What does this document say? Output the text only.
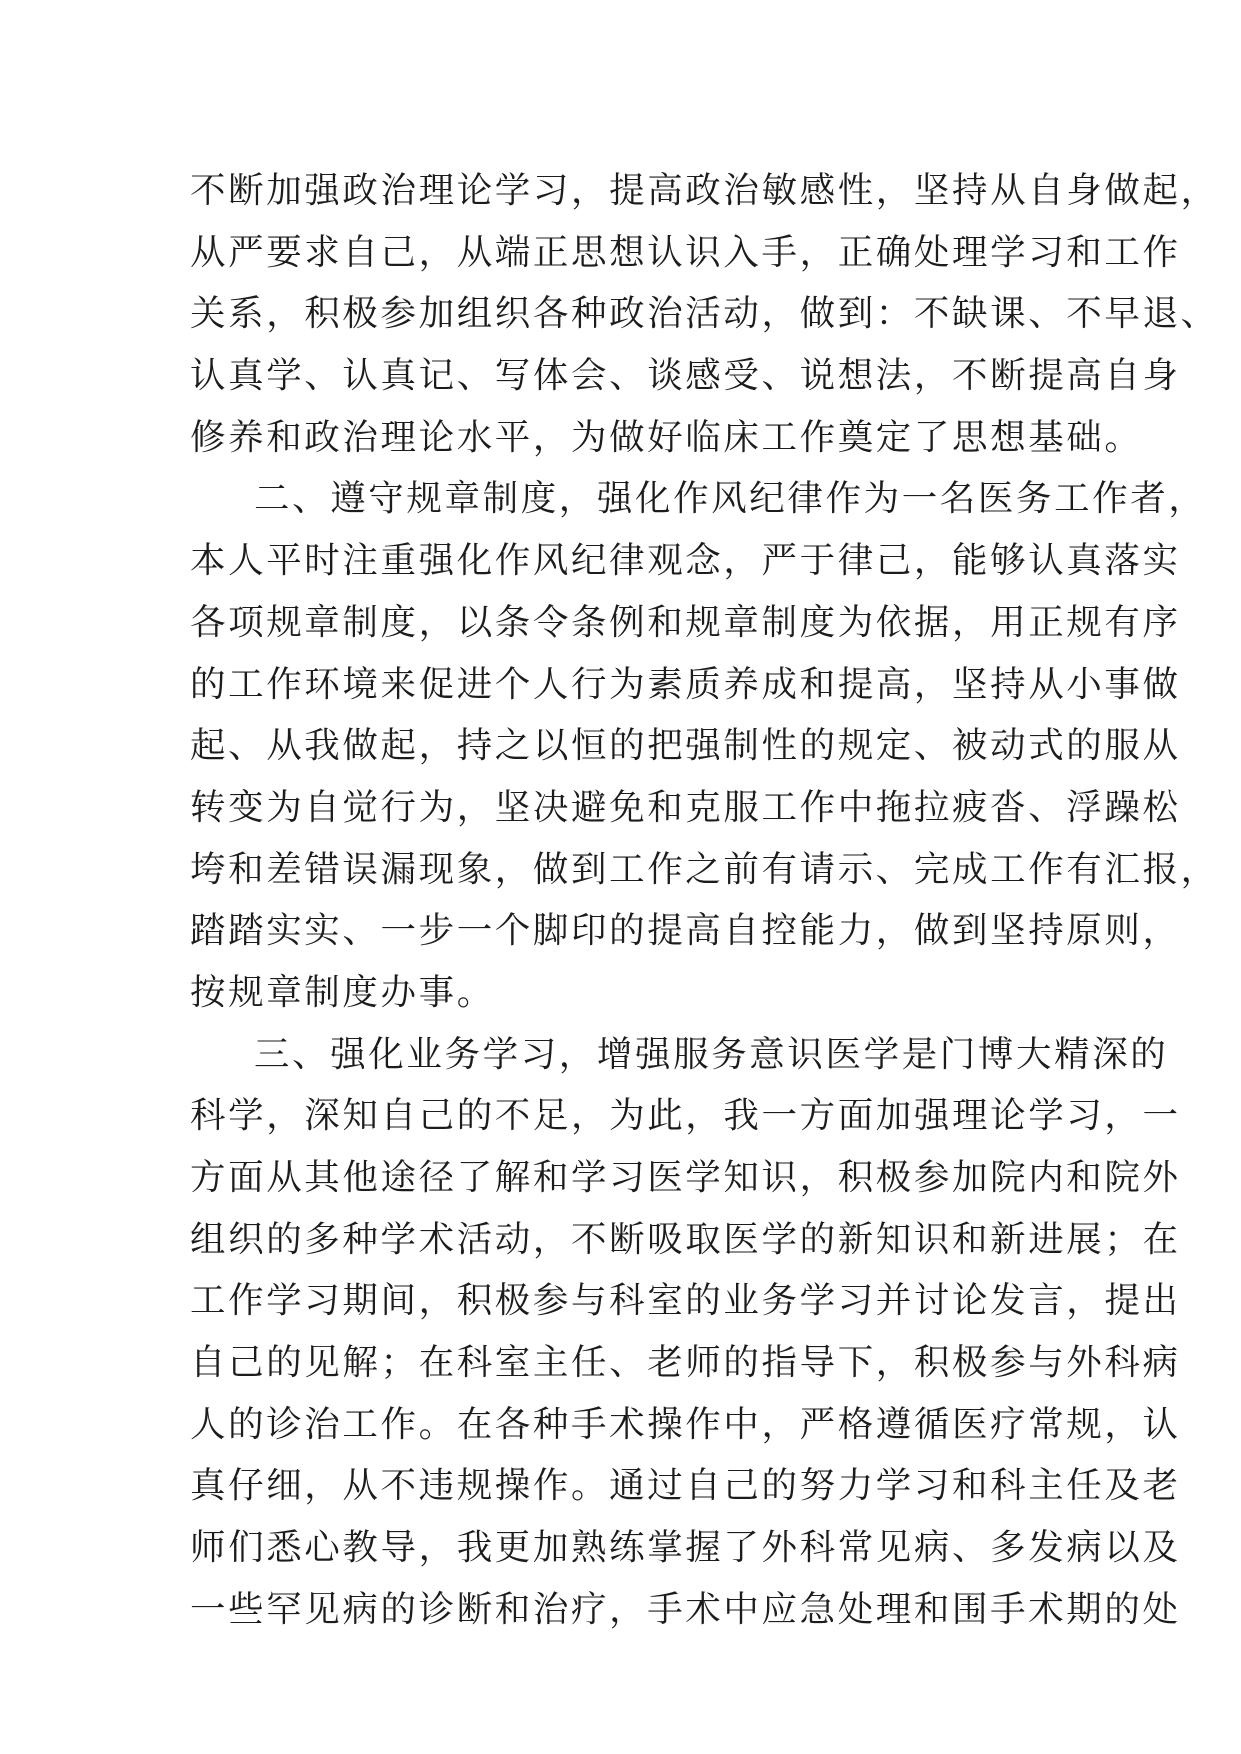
不断加强政治理论学习，提高政治敏感性，坚持从自身做起，
从严要求自己，从端正思想认识入手，正确处理学习和工作
关系，积极参加组织各种政治活动，做到：不缺课、不早退、
认真学、认真记、写体会、谈感受、说想法，不断提高自身
修养和政治理论水平，为做好临床工作奠定了思想基础。
二、遵守规章制度，强化作风纪律作为一名医务工作者，
本人平时注重强化作风纪律观念，严于律己，能够认真落实
各项规章制度，以条令条例和规章制度为依据，用正规有序
的工作环境来促进个人行为素质养成和提高，坚持从小事做
起、从我做起，持之以恒的把强制性的规定、被动式的服从
转变为自觉行为，坚决避免和克服工作中拖拉疲沓、浮躁松
垮和差错误漏现象，做到工作之前有请示、完成工作有汇报，
踏踏实实、一步一个脚印的提高自控能力，做到坚持原则，
按规章制度办事。
三、强化业务学习，增强服务意识医学是门博大精深的
科学，深知自己的不足，为此，我一方面加强理论学习，一
方面从其他途径了解和学习医学知识，积极参加院内和院外
组织的多种学术活动，不断吸取医学的新知识和新进展；在
工作学习期间，积极参与科室的业务学习并讨论发言，提出
自己的见解；在科室主任、老师的指导下，积极参与外科病
人的诊治工作。在各种手术操作中，严格遵循医疗常规，认
真仔细，从不违规操作。通过自己的努力学习和科主任及老
师们悉心教导，我更加熟练掌握了外科常见病、多发病以及
一些罕见病的诊断和治疗，手术中应急处理和围手术期的处
